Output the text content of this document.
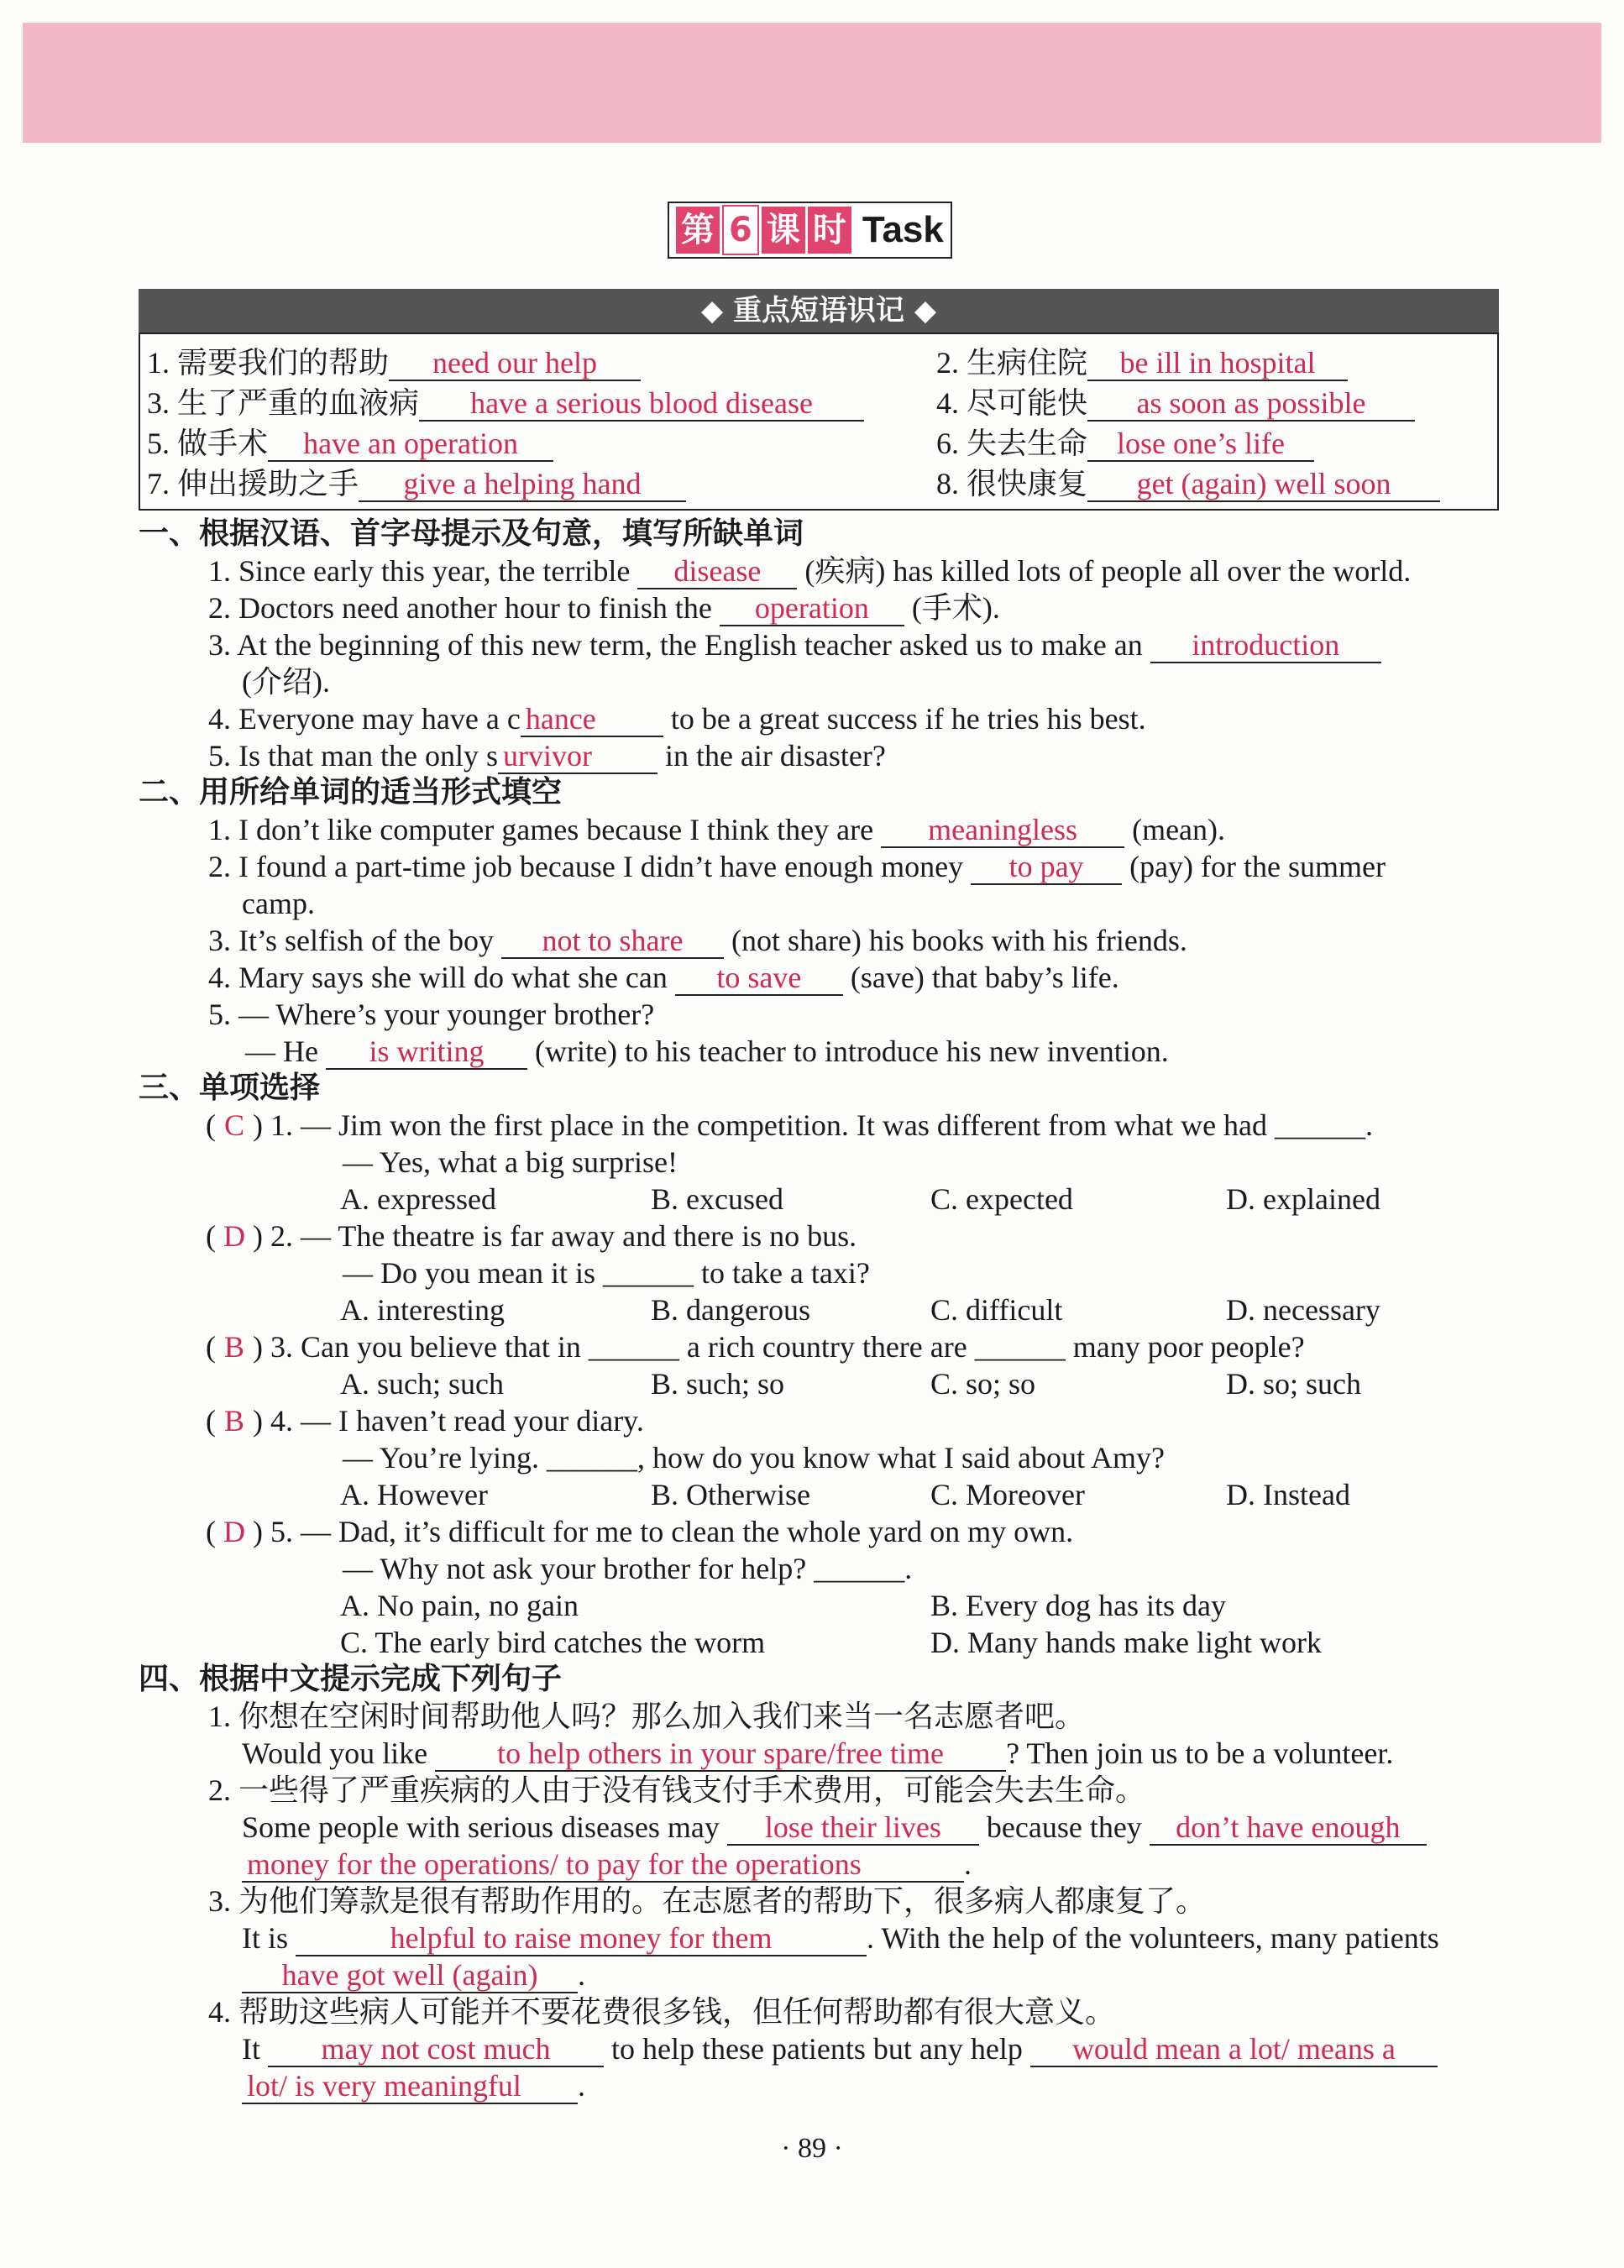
第 6 课 时 Task
◆ 重点短语识记 ◆
1. 需要我们的帮助 need our help	2. 生病住院 be ill in hospital
3. 生了严重的血液病 have a serious blood disease	4. 尽可能快 as soon as possible
5. 做手术 have an operation	6. 失去生命 lose one’s life
7. 伸出援助之手 give a helping hand	8. 很快康复 get (again) well soon
一、根据汉语、首字母提示及句意，填写所缺单词
1. Since early this year, the terrible disease (疾病) has killed lots of people all over the world.
2. Doctors need another hour to finish the operation (手术).
3. At the beginning of this new term, the English teacher asked us to make an introduction
(介绍).
4. Everyone may have a c hance to be a great success if he tries his best.
5. Is that man the only s urvivor in the air disaster?
二、用所给单词的适当形式填空
1. I don’t like computer games because I think they are meaningless (mean).
2. I found a part-time job because I didn’t have enough money to pay (pay) for the summer
camp.
3. It’s selfish of the boy not to share (not share) his books with his friends.
4. Mary says she will do what she can to save (save) that baby’s life.
5. — Where’s your younger brother?
— He is writing (write) to his teacher to introduce his new invention.
三、单项选择
( C ) 1. — Jim won the first place in the competition. It was different from what we had ______.
— Yes, what a big surprise!
A. expressed	B. excused	C. expected	D. explained
( D ) 2. — The theatre is far away and there is no bus.
— Do you mean it is ______ to take a taxi?
A. interesting	B. dangerous	C. difficult	D. necessary
( B ) 3. Can you believe that in ______ a rich country there are ______ many poor people?
A. such; such	B. such; so	C. so; so	D. so; such
( B ) 4. — I haven’t read your diary.
— You’re lying. ______, how do you know what I said about Amy?
A. However	B. Otherwise	C. Moreover	D. Instead
( D ) 5. — Dad, it’s difficult for me to clean the whole yard on my own.
— Why not ask your brother for help? ______.
A. No pain, no gain	B. Every dog has its day
C. The early bird catches the worm	D. Many hands make light work
四、根据中文提示完成下列句子
1. 你想在空闲时间帮助他人吗？那么加入我们来当一名志愿者吧。
Would you like to help others in your spare/free time ? Then join us to be a volunteer.
2. 一些得了严重疾病的人由于没有钱支付手术费用，可能会失去生命。
Some people with serious diseases may lose their lives because they don’t have enough
money for the operations/ to pay for the operations	.
3. 为他们筹款是很有帮助作用的。在志愿者的帮助下，很多病人都康复了。
It is	helpful to raise money for them	. With the help of the volunteers, many patients
have got well (again) .
4. 帮助这些病人可能并不要花费很多钱，但任何帮助都有很大意义。
It may not cost much to help these patients but any help would mean a lot/ means a
lot/ is very meaningful .
· 89 ·
